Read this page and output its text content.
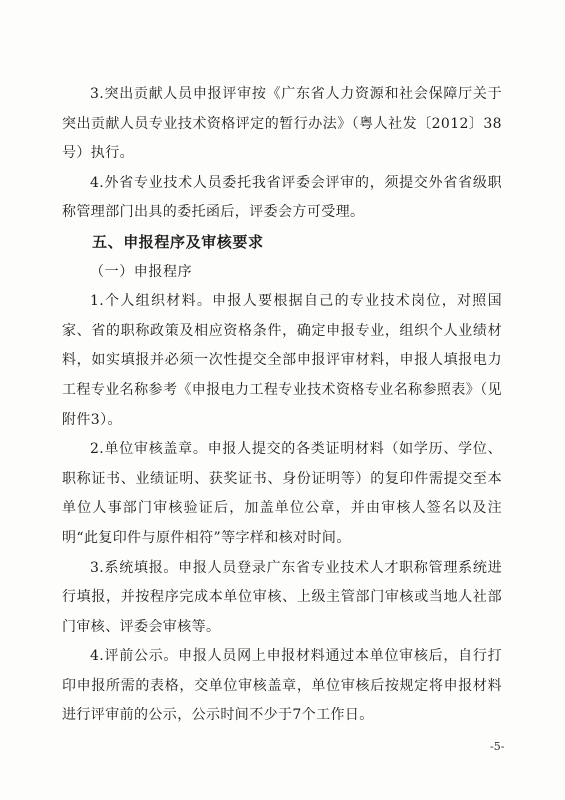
3.突出贡献人员申报评审按《广东省人力资源和社会保障厅关于突出贡献人员专业技术资格评定的暂行办法》（粤人社发〔2012〕38号）执行。

4.外省专业技术人员委托我省评委会评审的，须提交外省省级职称管理部门出具的委托函后，评委会方可受理。

五、申报程序及审核要求

（一）申报程序

1.个人组织材料。申报人要根据自己的专业技术岗位，对照国家、省的职称政策及相应资格条件，确定申报专业，组织个人业绩材料，如实填报并必须一次性提交全部申报评审材料，申报人填报电力工程专业名称参考《申报电力工程专业技术资格专业名称参照表》（见附件3）。

2.单位审核盖章。申报人提交的各类证明材料（如学历、学位、职称证书、业绩证明、获奖证书、身份证明等）的复印件需提交至本单位人事部门审核验证后，加盖单位公章，并由审核人签名以及注明“此复印件与原件相符”等字样和核对时间。

3.系统填报。申报人员登录广东省专业技术人才职称管理系统进行填报，并按程序完成本单位审核、上级主管部门审核或当地人社部门审核、评委会审核等。

4.评前公示。申报人员网上申报材料通过本单位审核后，自行打印申报所需的表格，交单位审核盖章，单位审核后按规定将申报材料进行评审前的公示，公示时间不少于7个工作日。

-5-
